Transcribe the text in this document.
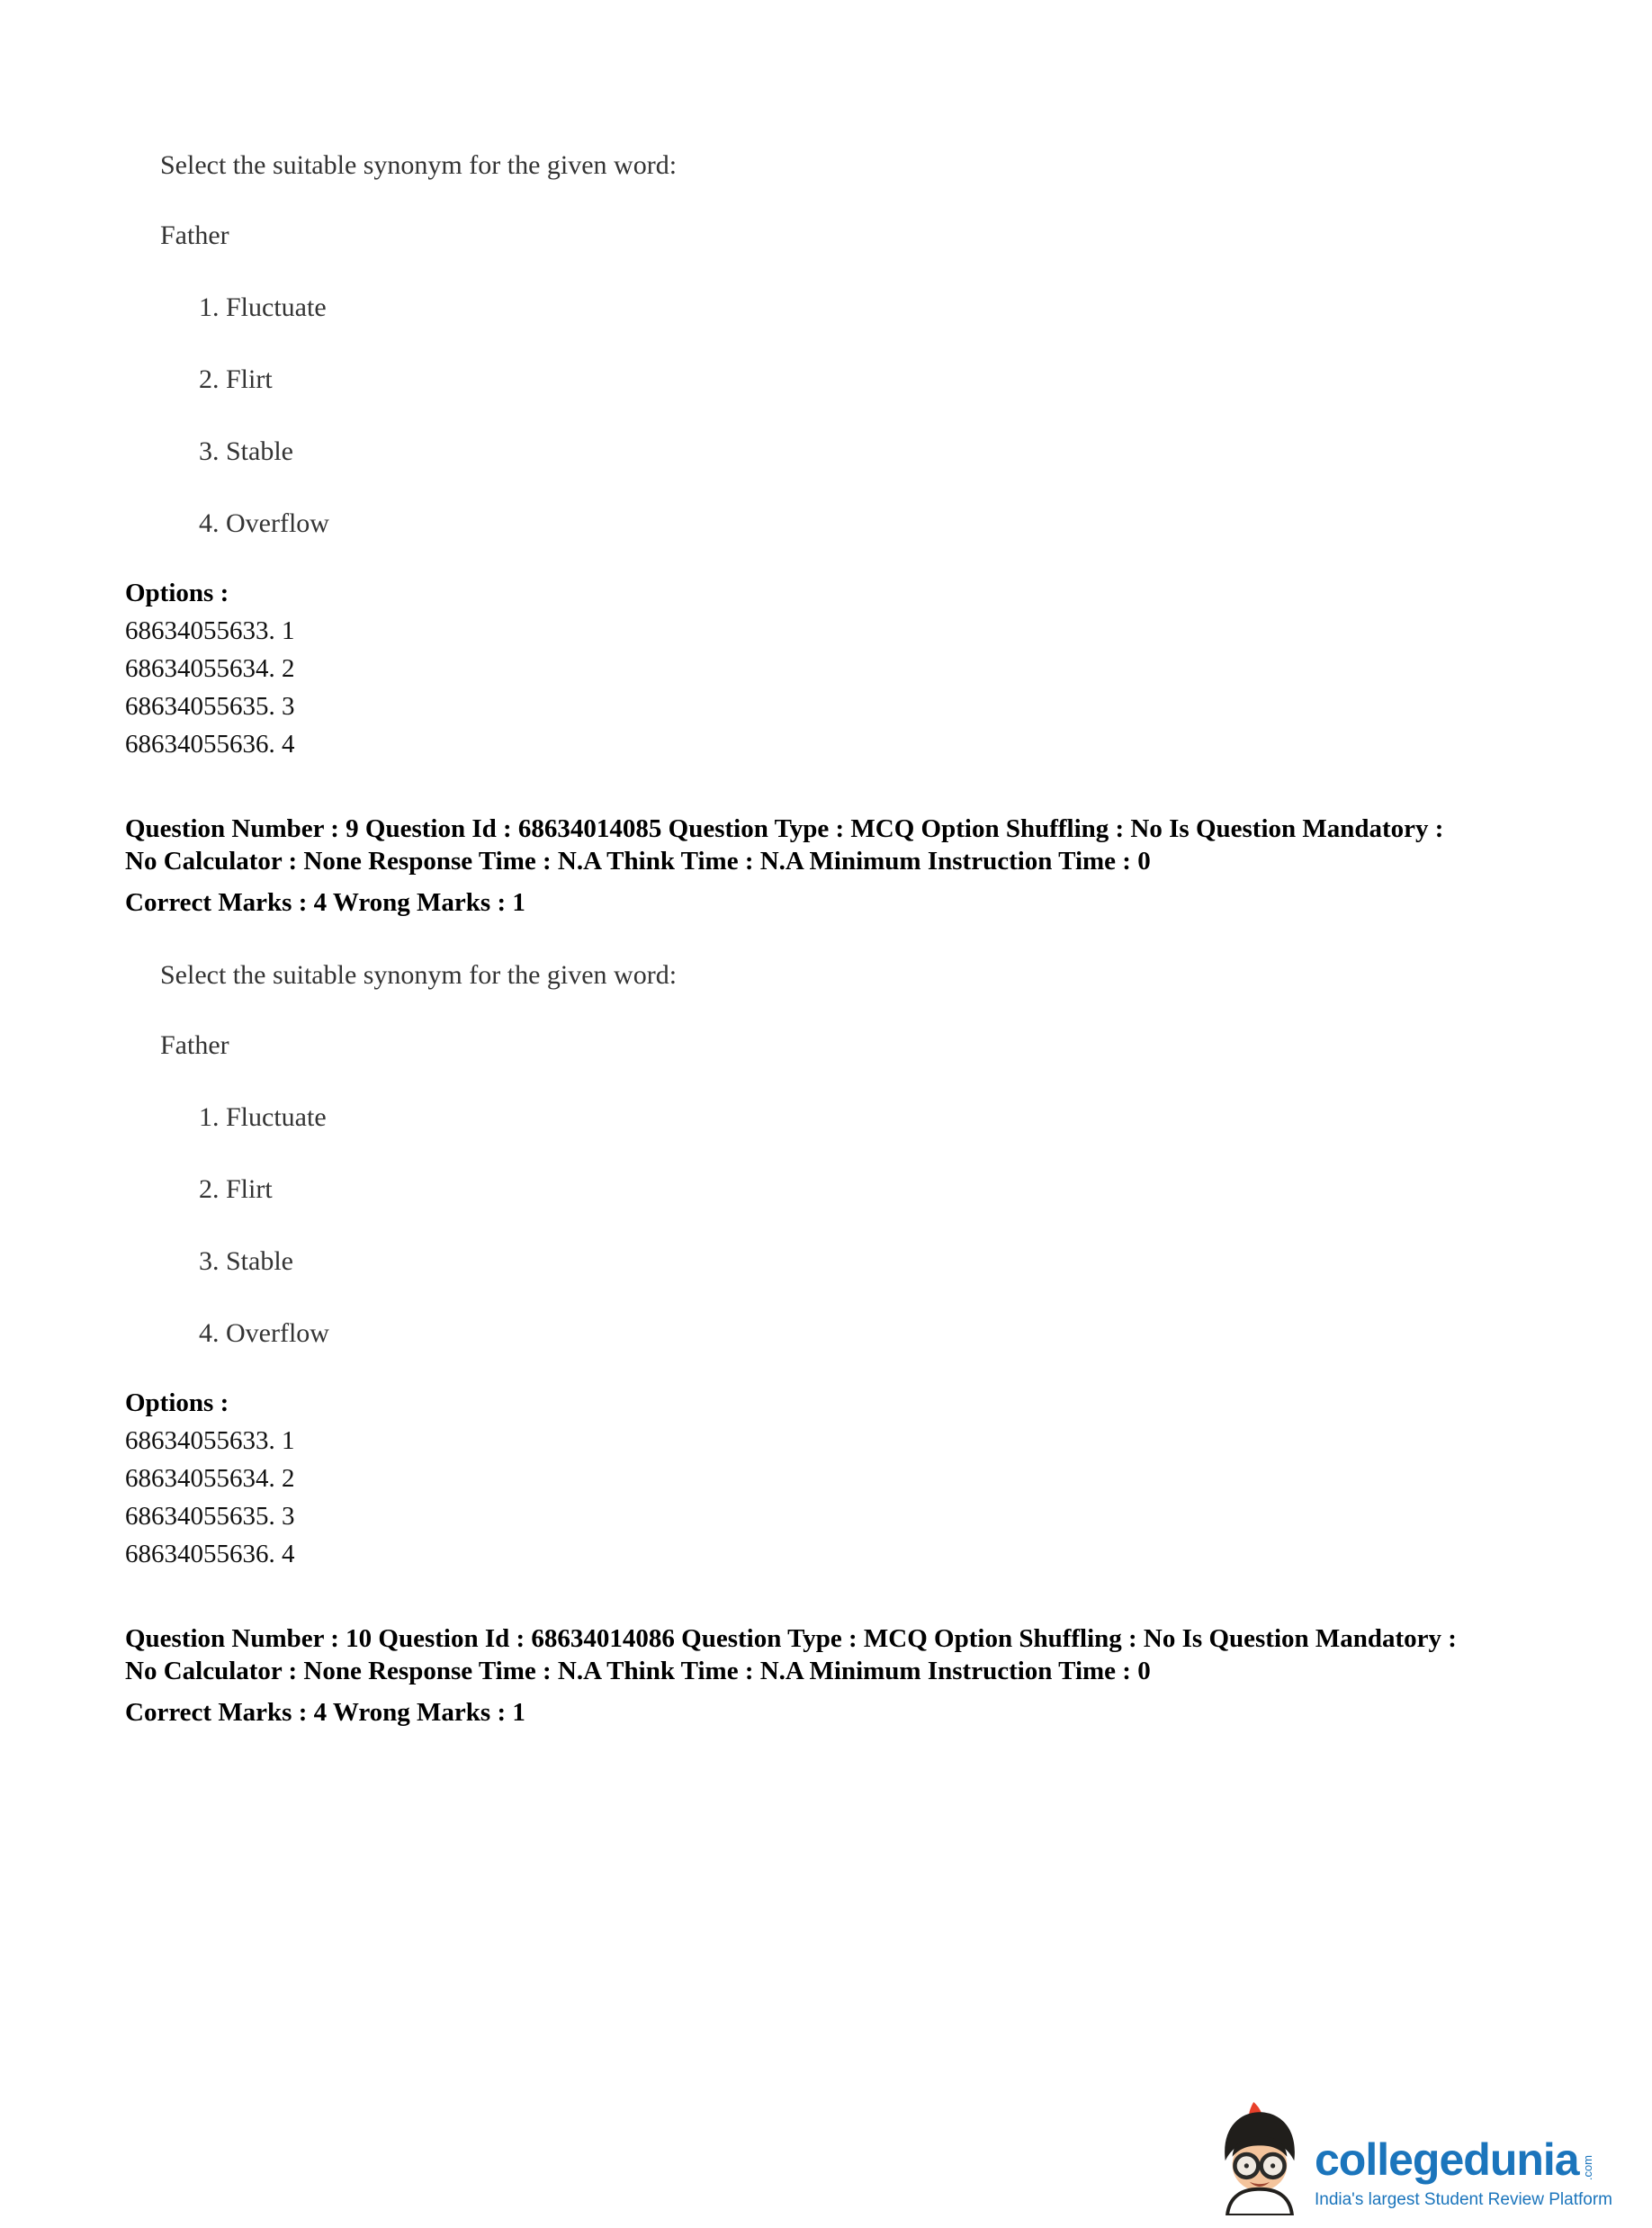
Select the suitable synonym for the given word:

Father

1. Fluctuate

2. Flirt

3. Stable

4. Overflow

Options :
68634055633. 1
68634055634. 2
68634055635. 3
68634055636. 4
Question Number : 9 Question Id : 68634014085 Question Type : MCQ Option Shuffling : No Is Question Mandatory :
No Calculator : None Response Time : N.A Think Time : N.A Minimum Instruction Time : 0
Correct Marks : 4 Wrong Marks : 1

Select the suitable synonym for the given word:

Father

1. Fluctuate

2. Flirt

3. Stable

4. Overflow

Options :
68634055633. 1
68634055634. 2
68634055635. 3
68634055636. 4
Question Number : 10 Question Id : 68634014086 Question Type : MCQ Option Shuffling : No Is Question Mandatory :
No Calculator : None Response Time : N.A Think Time : N.A Minimum Instruction Time : 0
Correct Marks : 4 Wrong Marks : 1
collegedunia .com
India's largest Student Review Platform
